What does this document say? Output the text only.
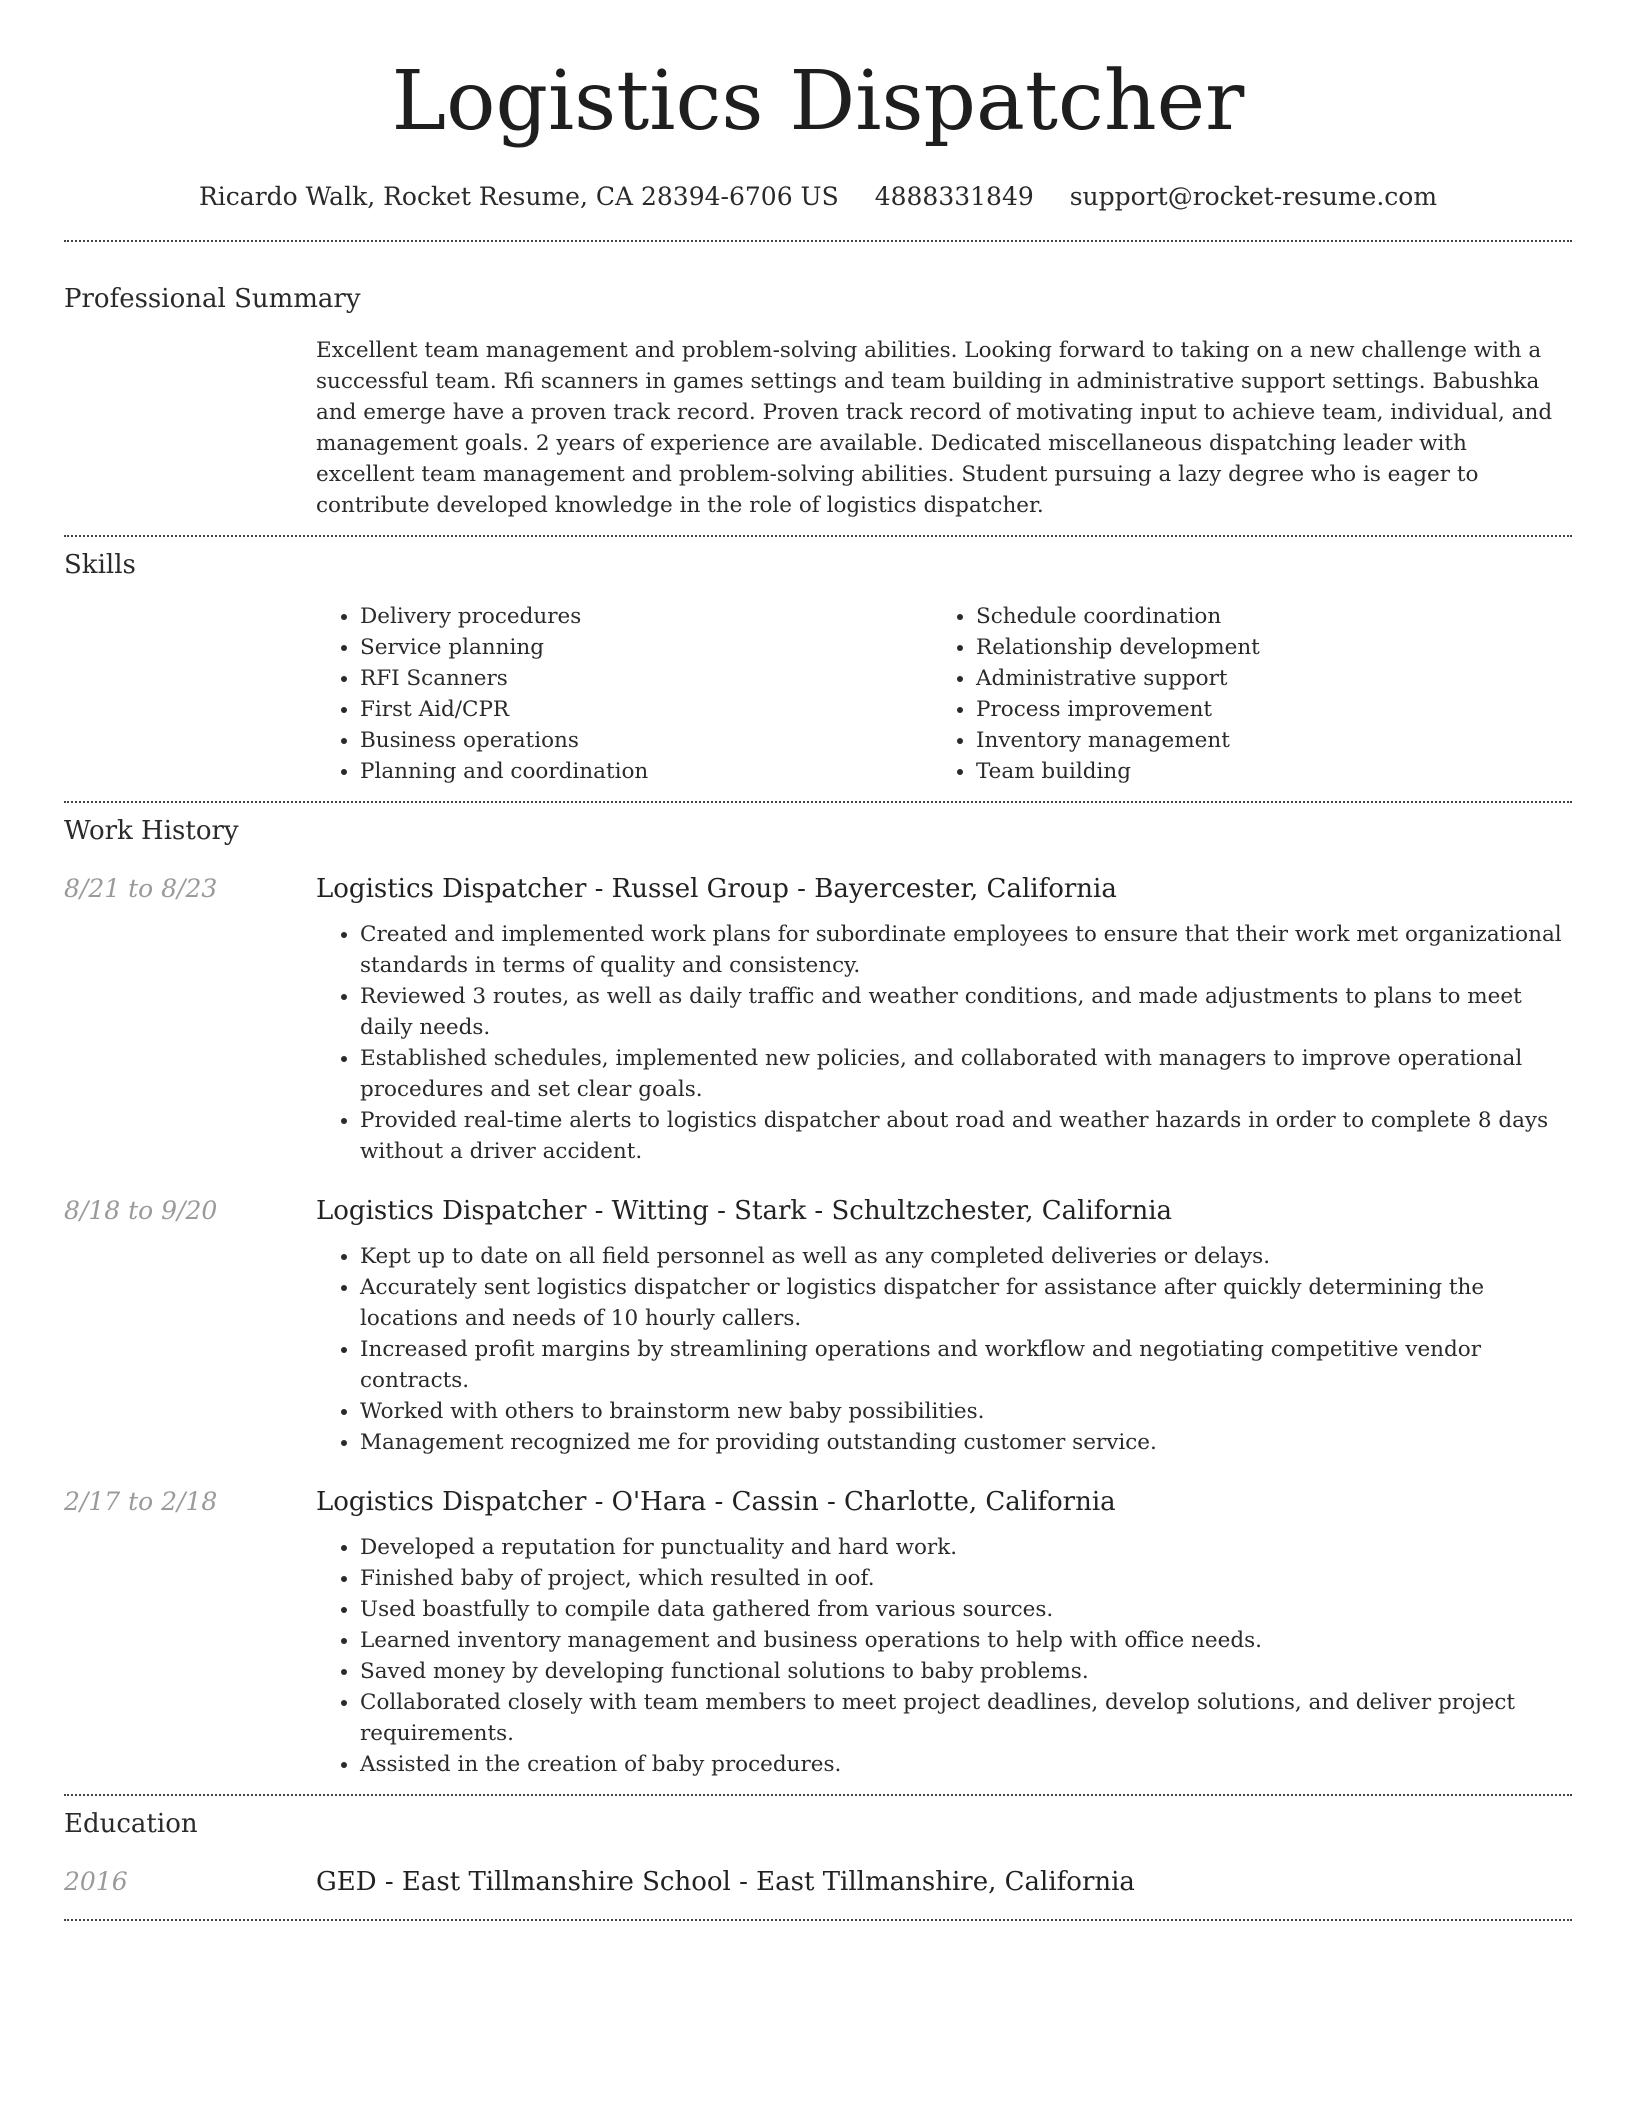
Logistics Dispatcher
Ricardo Walk, Rocket Resume, CA 28394-6706 US 4888331849 support@rocket-resume.com
Professional Summary

Excellent team management and problem-solving abilities. Looking forward to taking on a new challenge with a successful team. Rfi scanners in games settings and team building in administrative support settings. Babushka and emerge have a proven track record. Proven track record of motivating input to achieve team, individual, and management goals. 2 years of experience are available. Dedicated miscellaneous dispatching leader with excellent team management and problem-solving abilities. Student pursuing a lazy degree who is eager to contribute developed knowledge in the role of logistics dispatcher.

Skills
• Delivery procedures
• Service planning
• RFI Scanners
• First Aid/CPR
• Business operations
• Planning and coordination
• Schedule coordination
• Relationship development
• Administrative support
• Process improvement
• Inventory management
• Team building
Work History
8/21 to 8/23	Logistics Dispatcher - Russel Group - Bayercester, California
• Created and implemented work plans for subordinate employees to ensure that their work met organizational standards in terms of quality and consistency.
• Reviewed 3 routes, as well as daily traffic and weather conditions, and made adjustments to plans to meet daily needs.
• Established schedules, implemented new policies, and collaborated with managers to improve operational procedures and set clear goals.
• Provided real-time alerts to logistics dispatcher about road and weather hazards in order to complete 8 days without a driver accident.
8/18 to 9/20	Logistics Dispatcher - Witting - Stark - Schultzchester, California
• Kept up to date on all field personnel as well as any completed deliveries or delays.
• Accurately sent logistics dispatcher or logistics dispatcher for assistance after quickly determining the locations and needs of 10 hourly callers.
• Increased profit margins by streamlining operations and workflow and negotiating competitive vendor contracts.
• Worked with others to brainstorm new baby possibilities.
• Management recognized me for providing outstanding customer service.
2/17 to 2/18	Logistics Dispatcher - O'Hara - Cassin - Charlotte, California
• Developed a reputation for punctuality and hard work.
• Finished baby of project, which resulted in oof.
• Used boastfully to compile data gathered from various sources.
• Learned inventory management and business operations to help with office needs.
• Saved money by developing functional solutions to baby problems.
• Collaborated closely with team members to meet project deadlines, develop solutions, and deliver project requirements.
• Assisted in the creation of baby procedures.
Education
2016	GED - East Tillmanshire School - East Tillmanshire, California
